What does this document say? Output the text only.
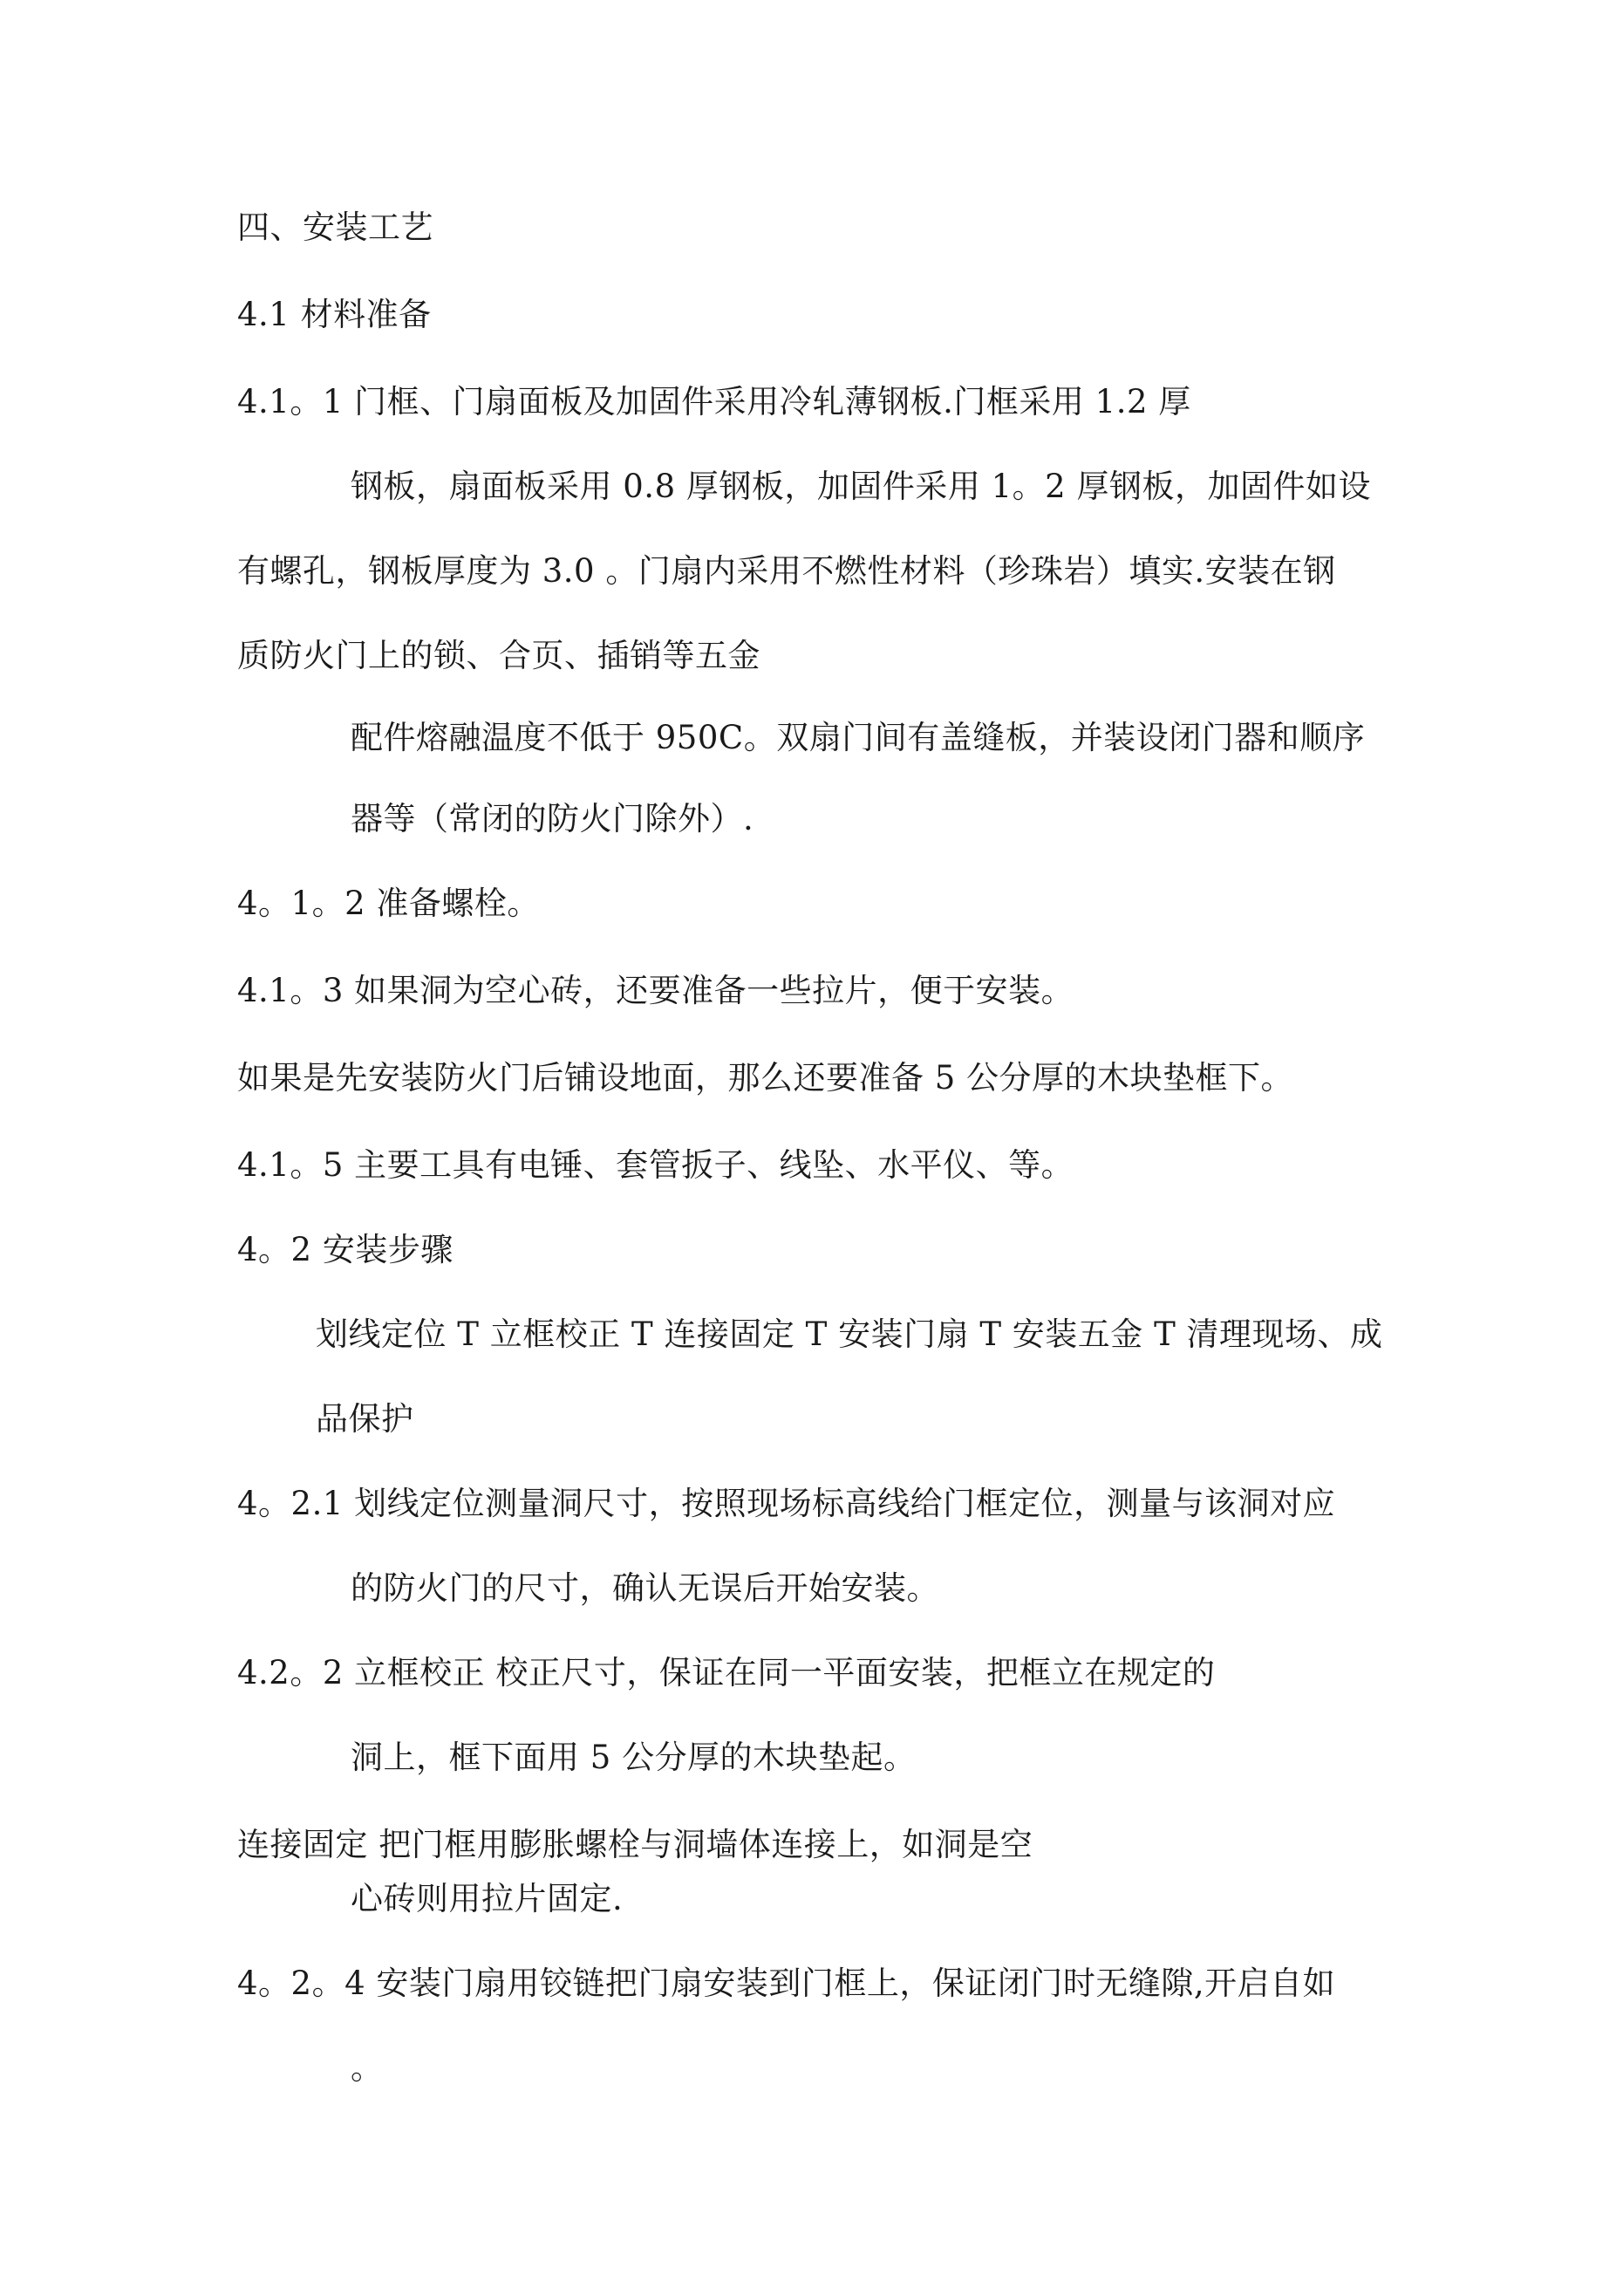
四、安装工艺
4.1 材料准备
4.1。1 门框、门扇面板及加固件采用冷轧薄钢板.门框采用 1.2 厚
钢板，扇面板采用 0.8 厚钢板，加固件采用 1。2 厚钢板，加固件如设
有螺孔，钢板厚度为 3.0 。门扇内采用不燃性材料（珍珠岩）填实.安装在钢
质防火门上的锁、合页、插销等五金
配件熔融温度不低于 950C。双扇门间有盖缝板，并装设闭门器和顺序
器等（常闭的防火门除外）.
4。1。2 准备螺栓。
4.1。3 如果洞为空心砖，还要准备一些拉片，便于安装。
如果是先安装防火门后铺设地面，那么还要准备 5 公分厚的木块垫框下。
4.1。5 主要工具有电锤、套管扳子、线坠、水平仪、等。
4。2 安装步骤
划线定位 T 立框校正 T 连接固定 T 安装门扇 T 安装五金 T 清理现场、成
品保护
4。2.1 划线定位测量洞尺寸，按照现场标高线给门框定位，测量与该洞对应
的防火门的尺寸，确认无误后开始安装。
4.2。2 立框校正 校正尺寸，保证在同一平面安装，把框立在规定的
洞上，框下面用 5 公分厚的木块垫起。
连接固定 把门框用膨胀螺栓与洞墙体连接上，如洞是空
心砖则用拉片固定.
4。2。4 安装门扇用铰链把门扇安装到门框上，保证闭门时无缝隙,开启自如
。
